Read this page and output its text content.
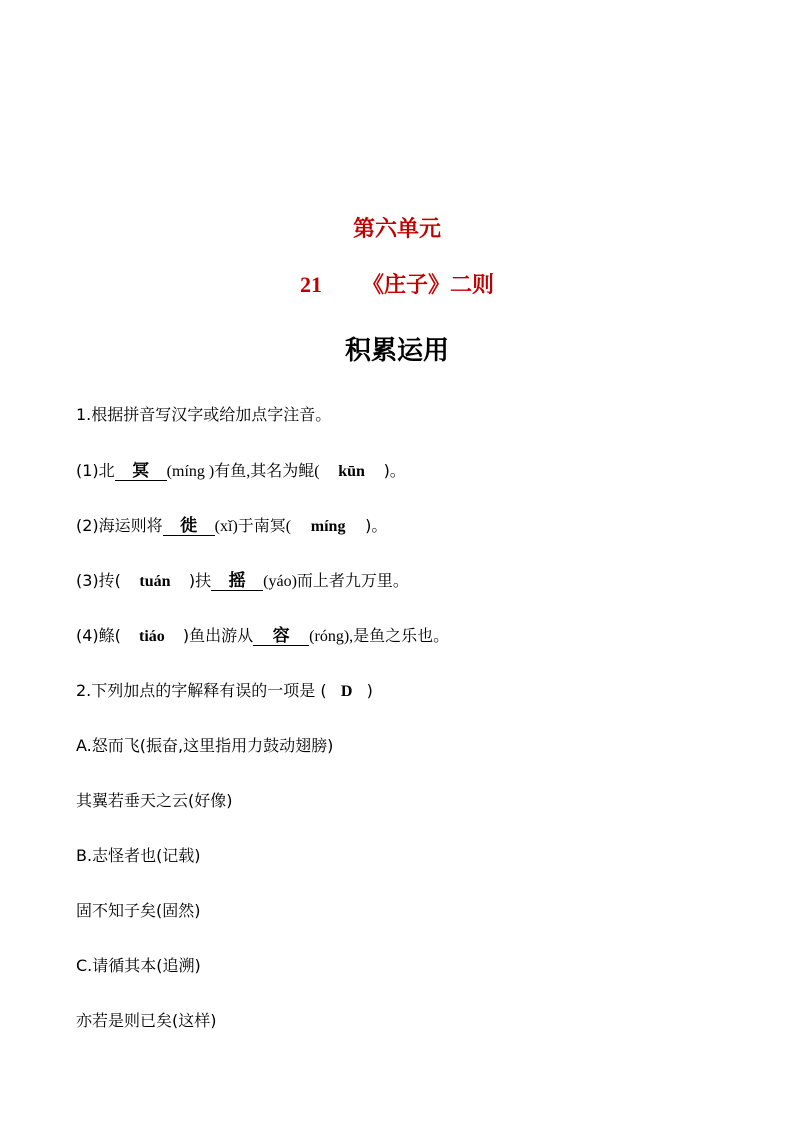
第六单元
21 《庄子》二则
积累运用
1.根据拼音写汉字或给加点字注音。
(1)北 冥 (míng )有鱼,其名为鲲( kūn )。
(2)海运则将 徙 (xǐ)于南冥( míng )。
(3)抟( tuán )扶 摇 (yáo)而上者九万里。
(4)鲦( tiáo )鱼出游从 容 (róng),是鱼之乐也。
2.下列加点的字解释有误的一项是 ( D )
A.怒而飞(振奋,这里指用力鼓动翅膀)
其翼若垂天之云(好像)
B.志怪者也(记载)
固不知子矣(固然)
C.请循其本(追溯)
亦若是则已矣(这样)
